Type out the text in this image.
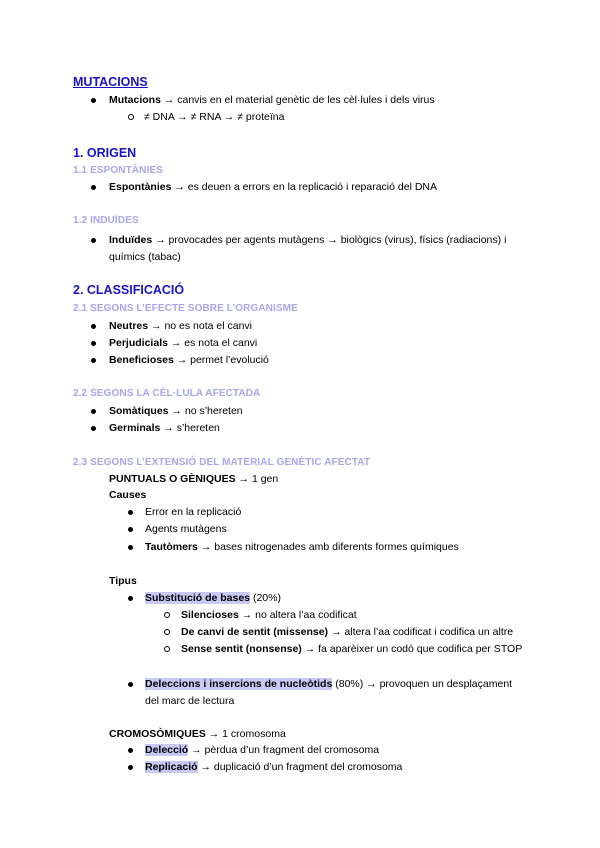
MUTACIONS
Mutacions → canvis en el material genètic de les cèl·lules i dels virus
≠ DNA → ≠ RNA → ≠ proteïna
1. ORIGEN
1.1 ESPONTÀNIES
Espontànies → es deuen a errors en la replicació i reparació del DNA
1.2 INDUÏDES
Induïdes → provocades per agents mutàgens → biològics (virus), físics (radiacions) i
químics (tabac)
2. CLASSIFICACIÓ
2.1 SEGONS L’EFECTE SOBRE L’ORGANISME
Neutres → no es nota el canvi
Perjudicials → es nota el canvi
Beneficioses → permet l’evolució
2.2 SEGONS LA CÈL·LULA AFECTADA
Somàtiques → no s’hereten
Germinals → s’hereten
2.3 SEGONS L’EXTENSIÓ DEL MATERIAL GENÈTIC AFECTAT
PUNTUALS O GÈNIQUES → 1 gen
Causes
Error en la replicació
Agents mutàgens
Tautòmers → bases nitrogenades amb diferents formes químiques
Tipus
Substitució de bases (20%)
Silencioses → no altera l’aa codificat
De canvi de sentit (missense) → altera l’aa codificat i codifica un altre
Sense sentit (nonsense) → fa aparèixer un codó que codifica per STOP
Deleccions i insercions de nucleòtids (80%) → provoquen un desplaçament
del marc de lectura
CROMOSÒMIQUES → 1 cromosoma
Delecció → pèrdua d’un fragment del cromosoma
Replicació → duplicació d’un fragment del cromosoma
